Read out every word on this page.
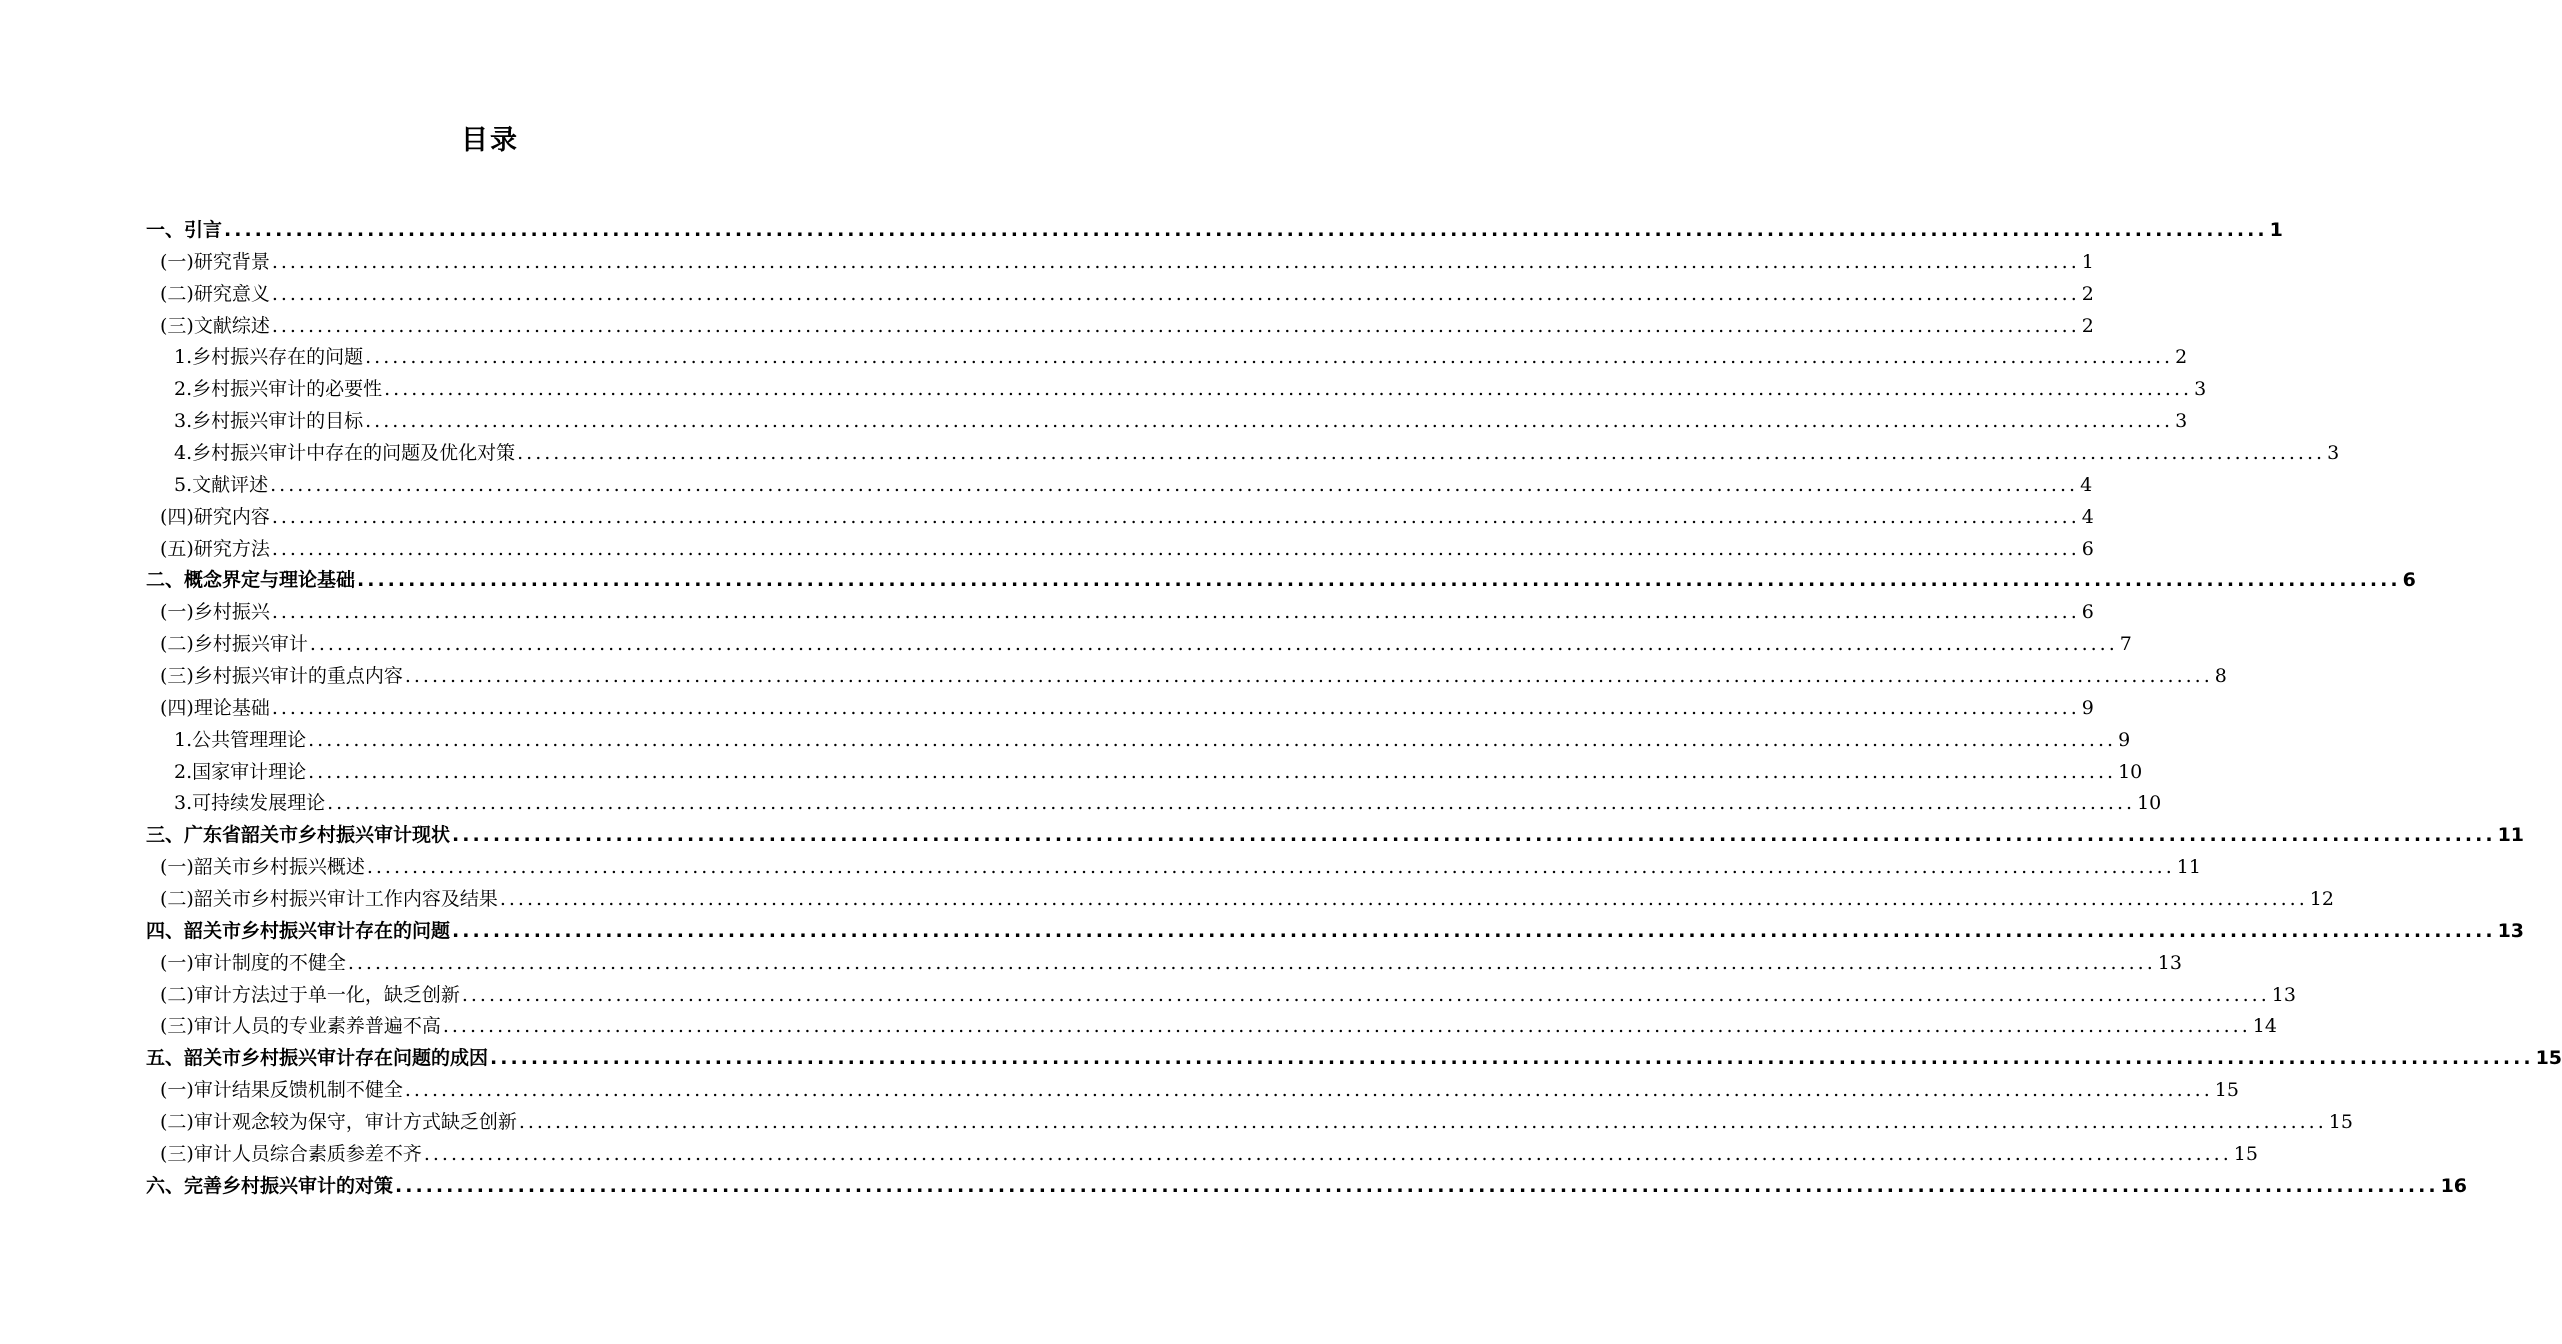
目录
一、引言 ........................................................................................................................................................................................................ 1
(一)研究背景 ........................................................................................................................................................................................................ 1
(二)研究意义 ........................................................................................................................................................................................................ 2
(三)文献综述 ........................................................................................................................................................................................................ 2
1.乡村振兴存在的问题 ........................................................................................................................................................................................................ 2
2.乡村振兴审计的必要性 ........................................................................................................................................................................................................ 3
3.乡村振兴审计的目标 ........................................................................................................................................................................................................ 3
4.乡村振兴审计中存在的问题及优化对策 ........................................................................................................................................................................................................ 3
5.文献评述 ........................................................................................................................................................................................................ 4
(四)研究内容 ........................................................................................................................................................................................................ 4
(五)研究方法 ........................................................................................................................................................................................................ 6
二、概念界定与理论基础 ........................................................................................................................................................................................................ 6
(一)乡村振兴 ........................................................................................................................................................................................................ 6
(二)乡村振兴审计 ........................................................................................................................................................................................................ 7
(三)乡村振兴审计的重点内容 ........................................................................................................................................................................................................ 8
(四)理论基础 ........................................................................................................................................................................................................ 9
1.公共管理理论 ........................................................................................................................................................................................................ 9
2.国家审计理论 ........................................................................................................................................................................................................ 10
3.可持续发展理论 ........................................................................................................................................................................................................ 10
三、广东省韶关市乡村振兴审计现状 ........................................................................................................................................................................................................ 11
(一)韶关市乡村振兴概述 ........................................................................................................................................................................................................ 11
(二)韶关市乡村振兴审计工作内容及结果 ........................................................................................................................................................................................................ 12
四、韶关市乡村振兴审计存在的问题 ........................................................................................................................................................................................................ 13
(一)审计制度的不健全 ........................................................................................................................................................................................................ 13
(二)审计方法过于单一化，缺乏创新 ........................................................................................................................................................................................................ 13
(三)审计人员的专业素养普遍不高 ........................................................................................................................................................................................................ 14
五、韶关市乡村振兴审计存在问题的成因 ........................................................................................................................................................................................................ 15
(一)审计结果反馈机制不健全 ........................................................................................................................................................................................................ 15
(二)审计观念较为保守，审计方式缺乏创新 ........................................................................................................................................................................................................ 15
(三)审计人员综合素质参差不齐 ........................................................................................................................................................................................................ 15
六、完善乡村振兴审计的对策 ........................................................................................................................................................................................................ 16
